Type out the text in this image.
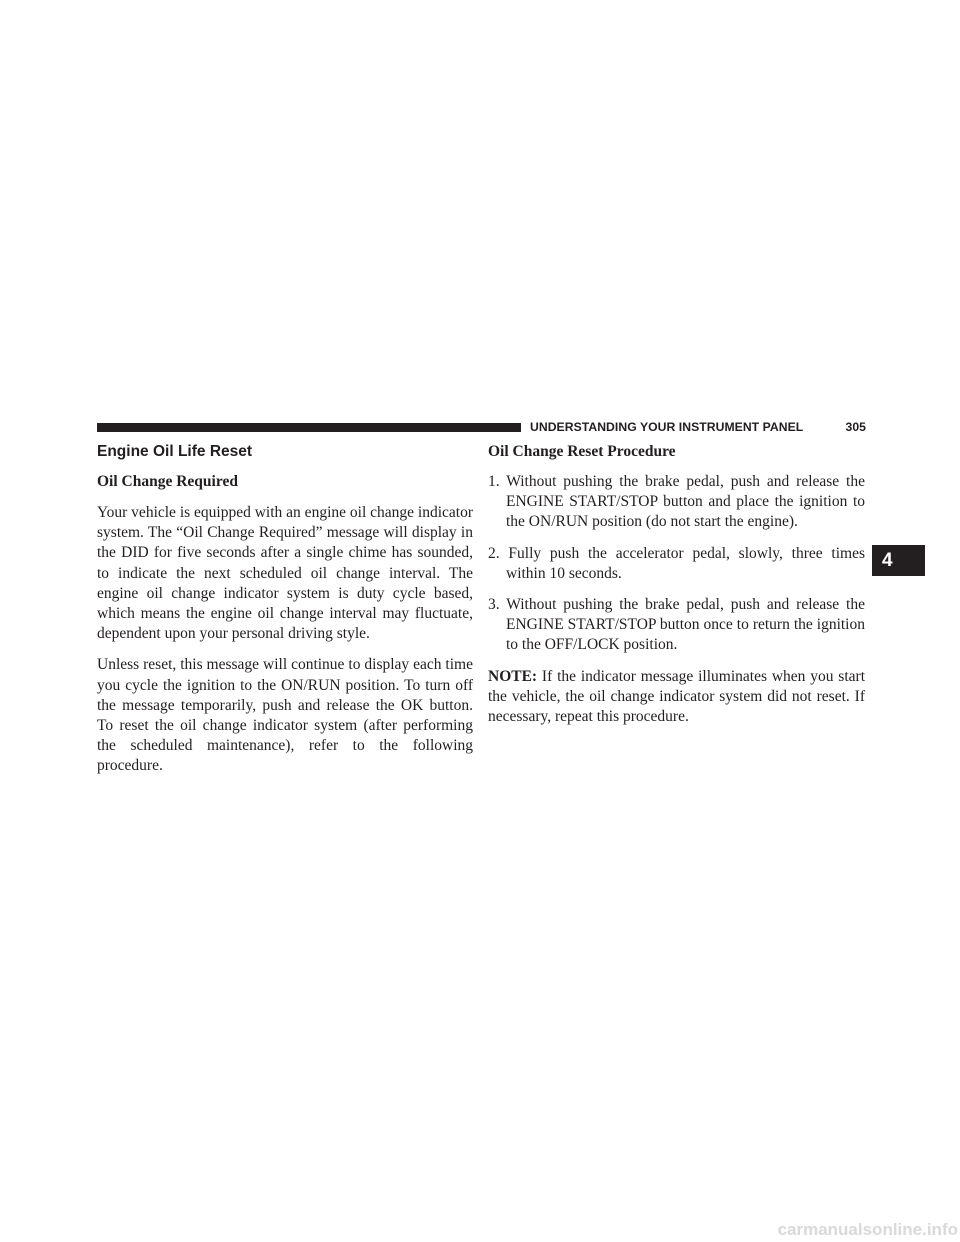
UNDERSTANDING YOUR INSTRUMENT PANEL	305
4
Engine Oil Life Reset
Oil Change Required

Your vehicle is equipped with an engine oil change indicator system. The “Oil Change Required” message will display in the DID for five seconds after a single chime has sounded, to indicate the next scheduled oil change interval. The engine oil change indicator system is duty cycle based, which means the engine oil change interval may fluctuate, dependent upon your personal driving style.

Unless reset, this message will continue to display each time you cycle the ignition to the ON/RUN position. To turn off the message temporarily, push and release the OK button. To reset the oil change indicator system (after performing the scheduled maintenance), refer to the following procedure.

Oil Change Reset Procedure
1. Without pushing the brake pedal, push and release the ENGINE START/STOP button and place the ignition to the ON/RUN position (do not start the engine).
2. Fully push the accelerator pedal, slowly, three times within 10 seconds.
3. Without pushing the brake pedal, push and release the ENGINE START/STOP button once to return the ignition to the OFF/LOCK position.

NOTE: If the indicator message illuminates when you start the vehicle, the oil change indicator system did not reset. If necessary, repeat this procedure.

carmanualsonline.info
